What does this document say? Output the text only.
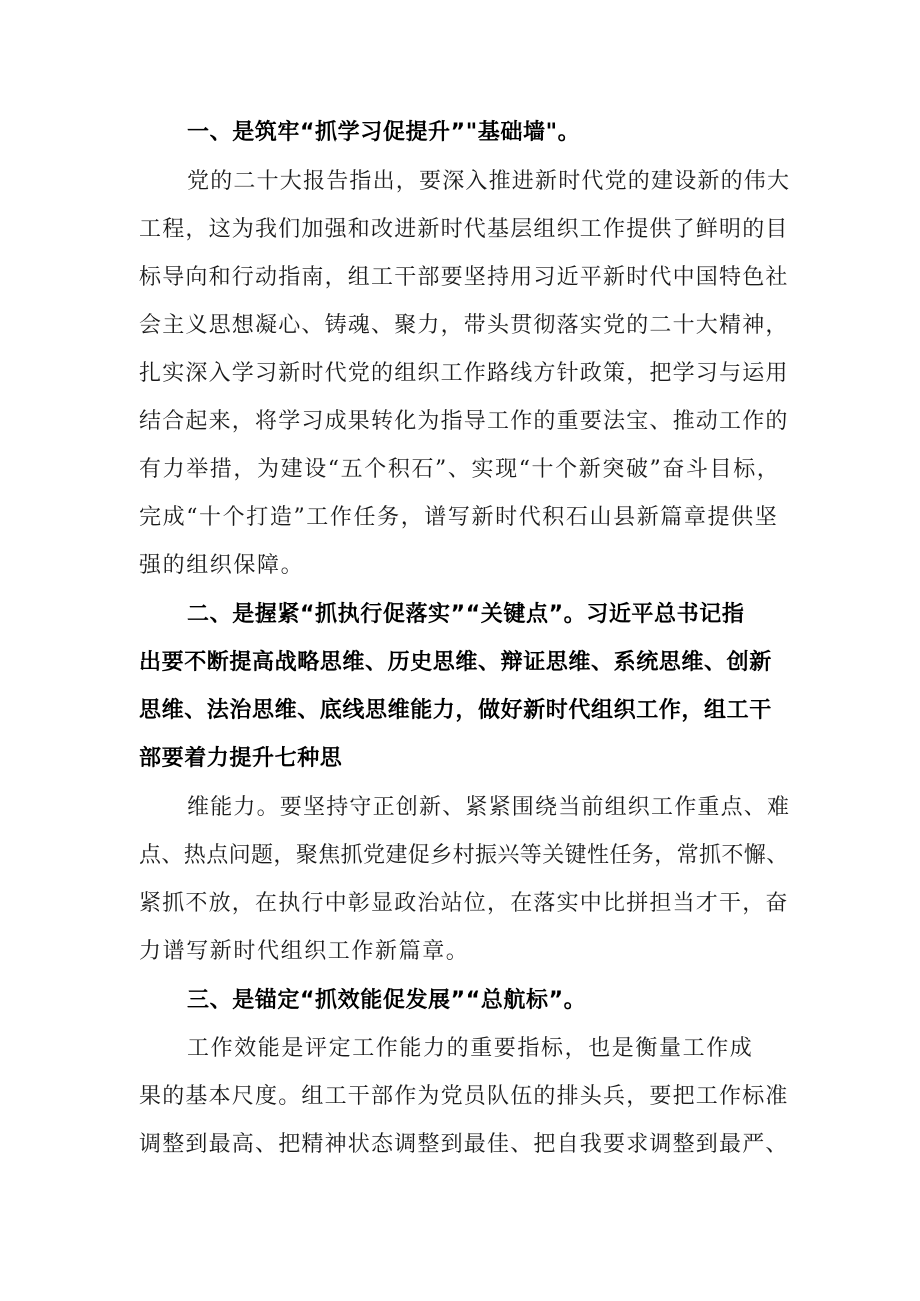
一、是筑牢“抓学习促提升”"基础墙"。
党的二十大报告指出，要深入推进新时代党的建设新的伟大
工程，这为我们加强和改进新时代基层组织工作提供了鲜明的目
标导向和行动指南，组工干部要坚持用习近平新时代中国特色社
会主义思想凝心、铸魂、聚力，带头贯彻落实党的二十大精神，
扎实深入学习新时代党的组织工作路线方针政策，把学习与运用
结合起来，将学习成果转化为指导工作的重要法宝、推动工作的
有力举措，为建设“五个积石”、实现“十个新突破”奋斗目标，
完成“十个打造”工作任务，谱写新时代积石山县新篇章提供坚
强的组织保障。
二、是握紧“抓执行促落实”“关键点”。习近平总书记指
出要不断提高战略思维、历史思维、辩证思维、系统思维、创新
思维、法治思维、底线思维能力，做好新时代组织工作，组工干
部要着力提升七种思
维能力。要坚持守正创新、紧紧围绕当前组织工作重点、难
点、热点问题，聚焦抓党建促乡村振兴等关键性任务，常抓不懈、
紧抓不放，在执行中彰显政治站位，在落实中比拼担当才干，奋
力谱写新时代组织工作新篇章。
三、是锚定“抓效能促发展”“总航标”。
工作效能是评定工作能力的重要指标，也是衡量工作成
果的基本尺度。组工干部作为党员队伍的排头兵，要把工作标准
调整到最高、把精神状态调整到最佳、把自我要求调整到最严、
